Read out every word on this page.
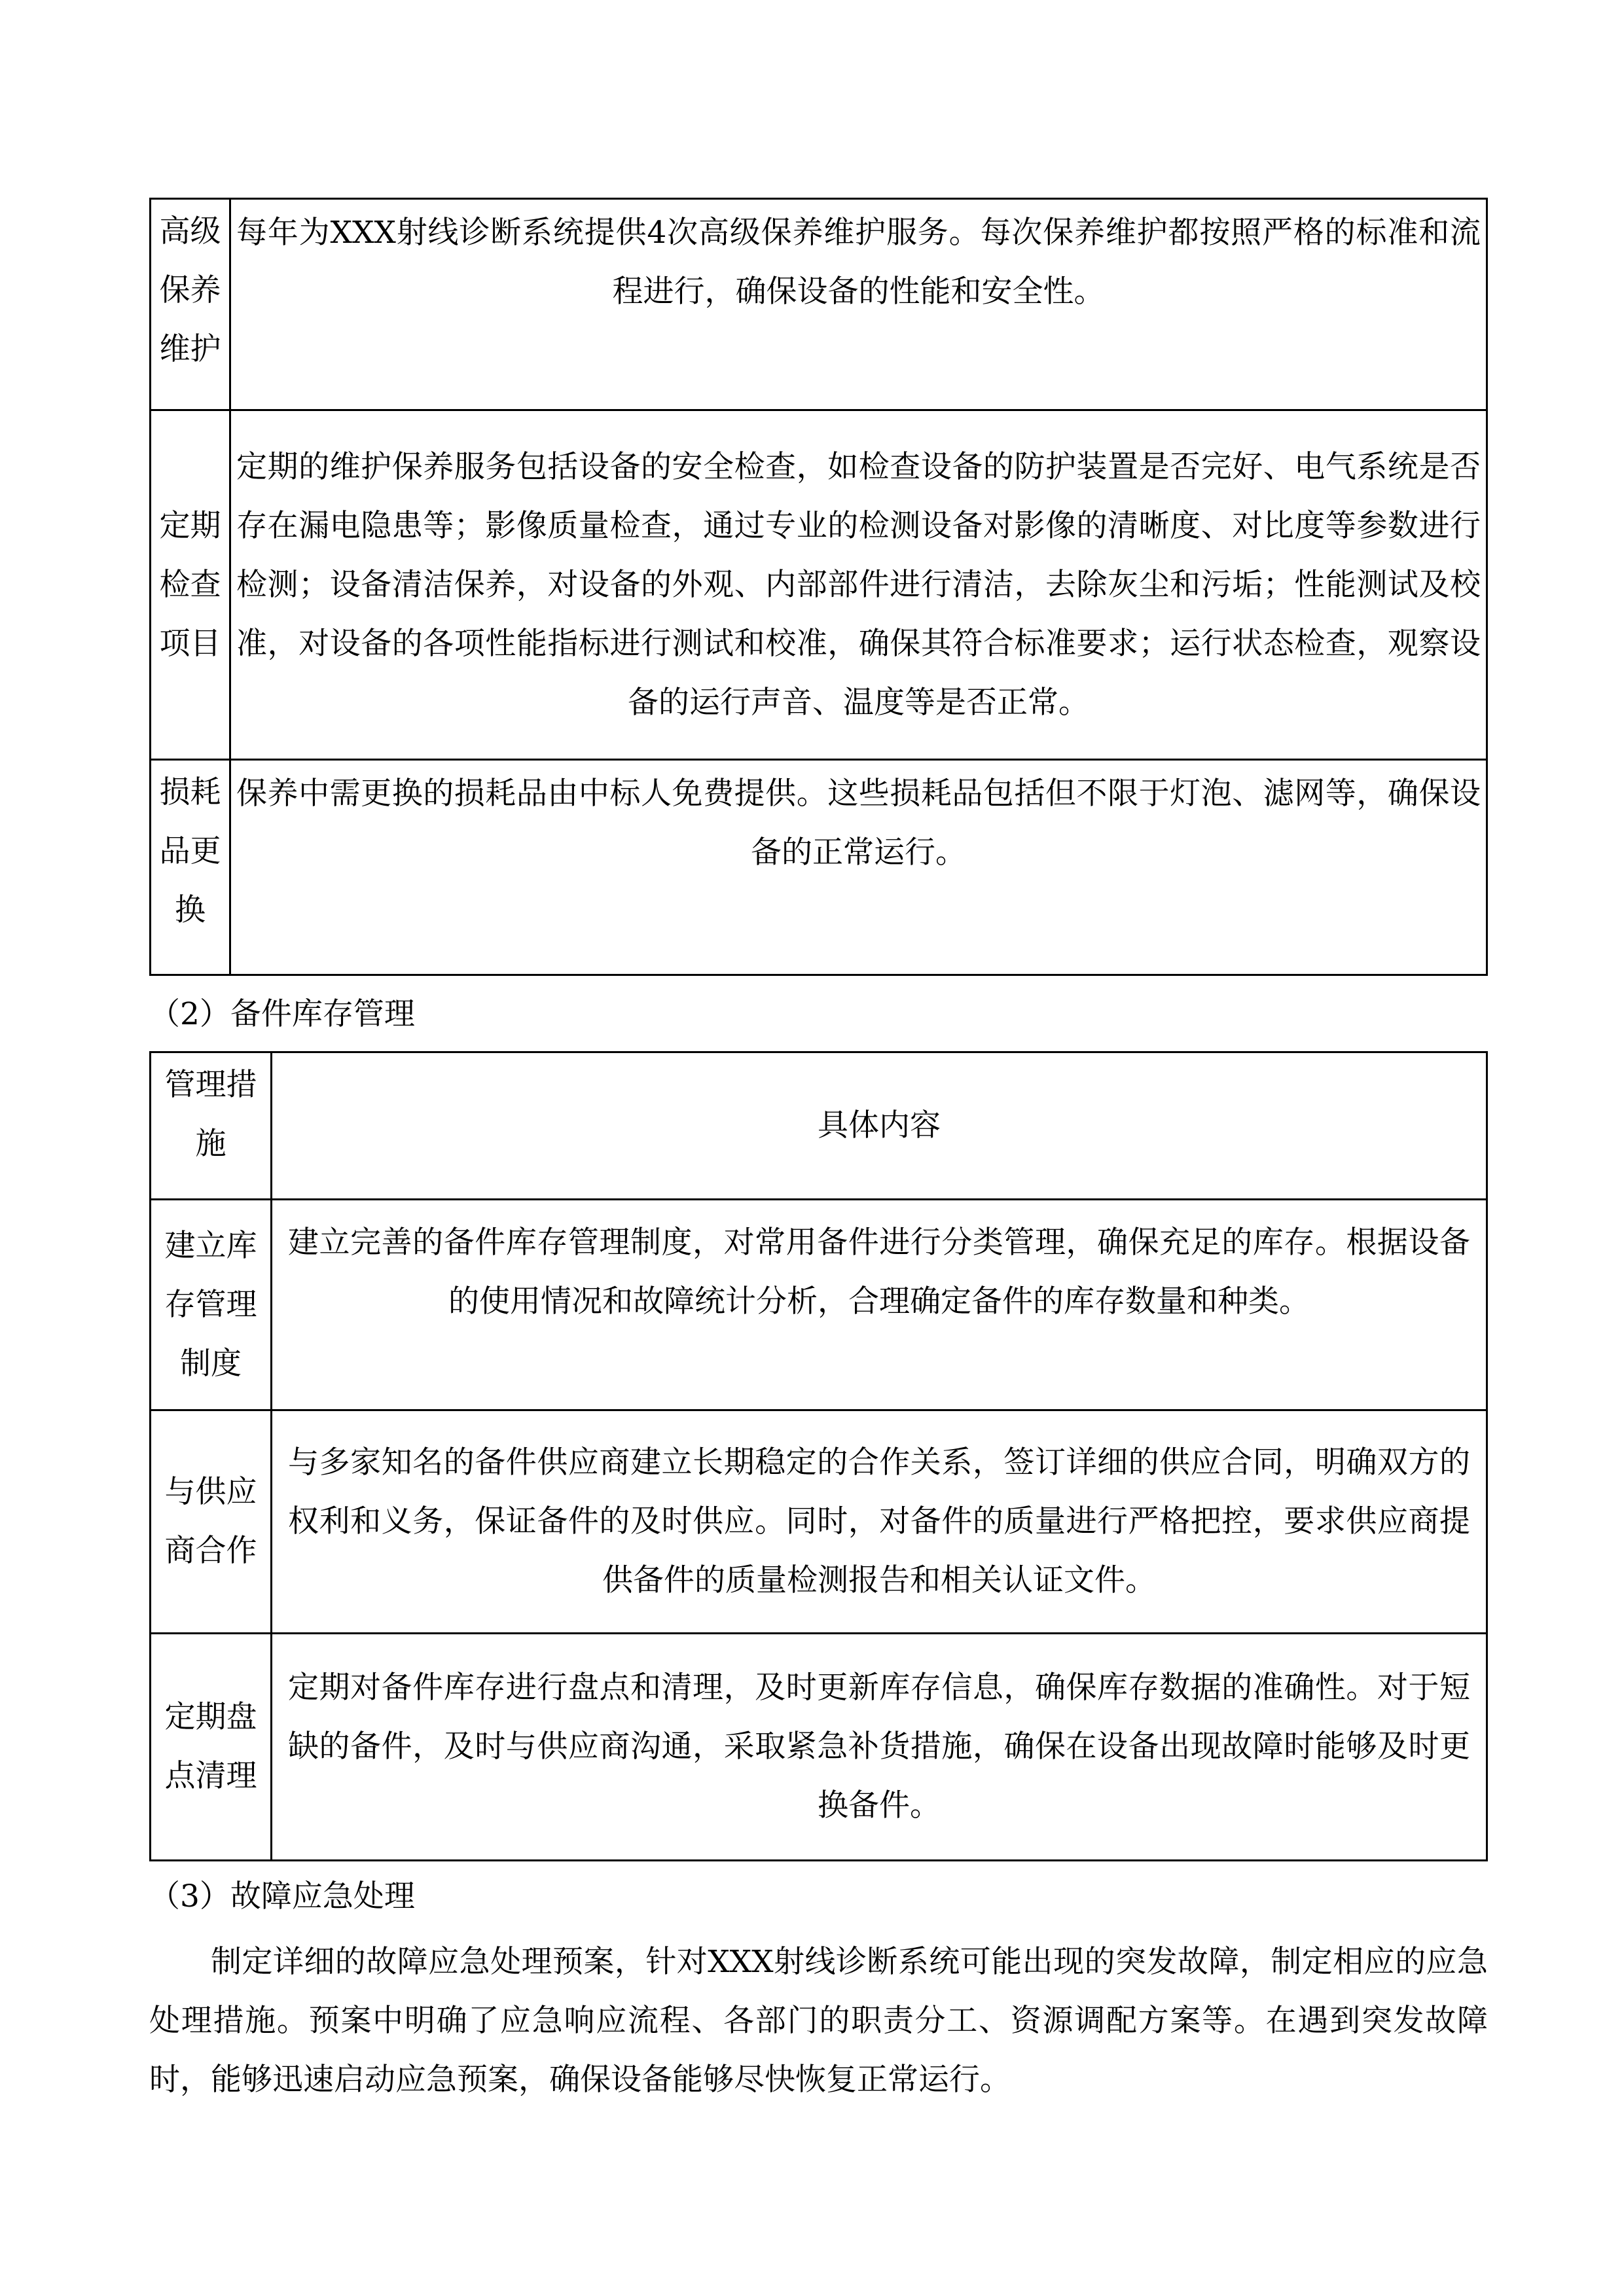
高级保养维护	每年为XXX射线诊断系统提供4次高级保养维护服务。每次保养维护都按照严格的标准和流程进行，确保设备的性能和安全性。
定期检查项目	定期的维护保养服务包括设备的安全检查，如检查设备的防护装置是否完好、电气系统是否存在漏电隐患等；影像质量检查，通过专业的检测设备对影像的清晰度、对比度等参数进行检测；设备清洁保养，对设备的外观、内部部件进行清洁，去除灰尘和污垢；性能测试及校准，对设备的各项性能指标进行测试和校准，确保其符合标准要求；运行状态检查，观察设备的运行声音、温度等是否正常。
损耗品更换	保养中需更换的损耗品由中标人免费提供。这些损耗品包括但不限于灯泡、滤网等，确保设备的正常运行。
（2）备件库存管理
管理措施	具体内容
建立库存管理制度	建立完善的备件库存管理制度，对常用备件进行分类管理，确保充足的库存。根据设备的使用情况和故障统计分析，合理确定备件的库存数量和种类。
与供应商合作	与多家知名的备件供应商建立长期稳定的合作关系，签订详细的供应合同，明确双方的权利和义务，保证备件的及时供应。同时，对备件的质量进行严格把控，要求供应商提供备件的质量检测报告和相关认证文件。
定期盘点清理	定期对备件库存进行盘点和清理，及时更新库存信息，确保库存数据的准确性。对于短缺的备件，及时与供应商沟通，采取紧急补货措施，确保在设备出现故障时能够及时更换备件。
（3）故障应急处理
制定详细的故障应急处理预案，针对XXX射线诊断系统可能出现的突发故障，制定相应的应急处理措施。预案中明确了应急响应流程、各部门的职责分工、资源调配方案等。在遇到突发故障时，能够迅速启动应急预案，确保设备能够尽快恢复正常运行。
